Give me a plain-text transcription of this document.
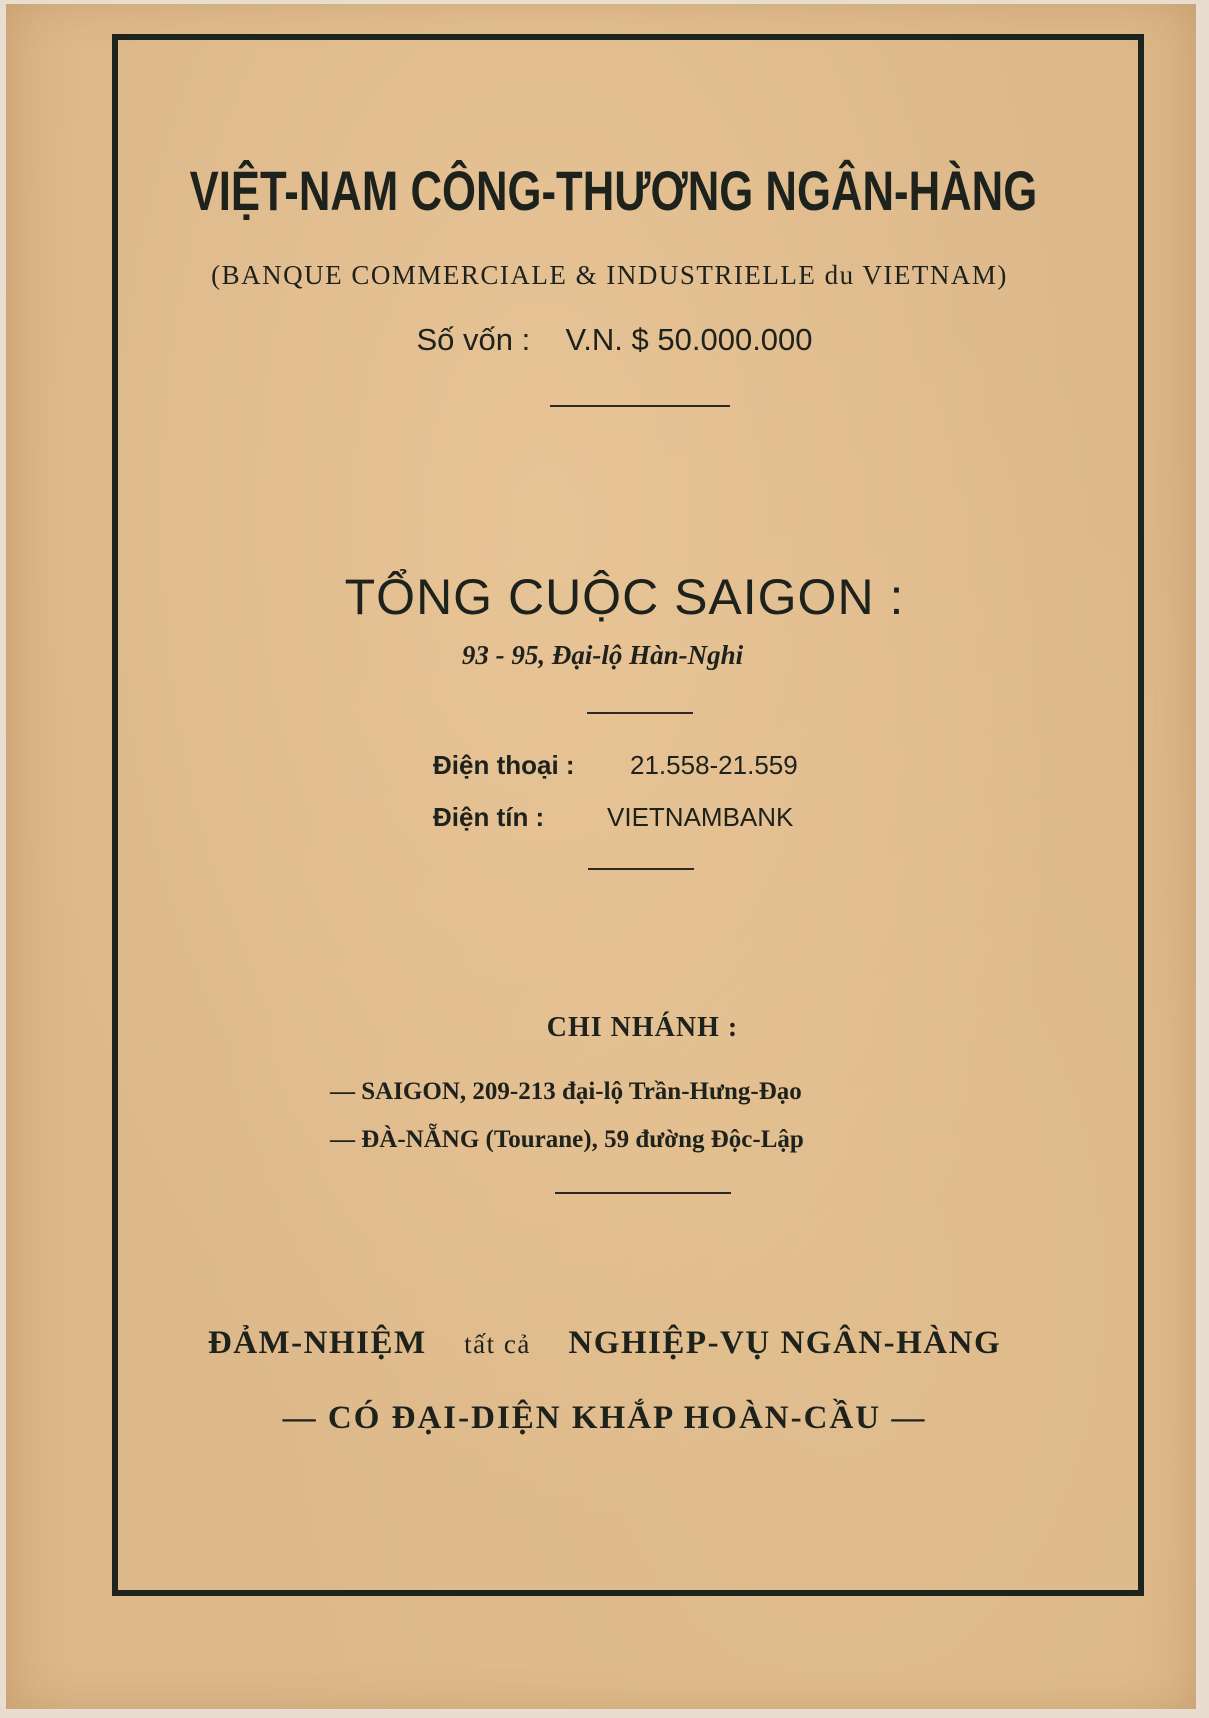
VIỆT-NAM CÔNG-THƯƠNG NGÂN-HÀNG
(BANQUE COMMERCIALE & INDUSTRIELLE du VIETNAM)
Số vốn : V.N. $ 50.000.000
TỔNG CUỘC SAIGON :
93 - 95, Đại-lộ Hàn-Nghi
Điện thoại : 21.558-21.559
Điện tín : VIETNAMBANK
CHI NHÁNH :
— SAIGON, 209-213 đại-lộ Trần-Hưng-Đạo
— ĐÀ-NẴNG (Tourane), 59 đường Độc-Lập
ĐẢM-NHIỆM tất cả NGHIỆP-VỤ NGÂN-HÀNG
— CÓ ĐẠI-DIỆN KHẮP HOÀN-CẦU —
